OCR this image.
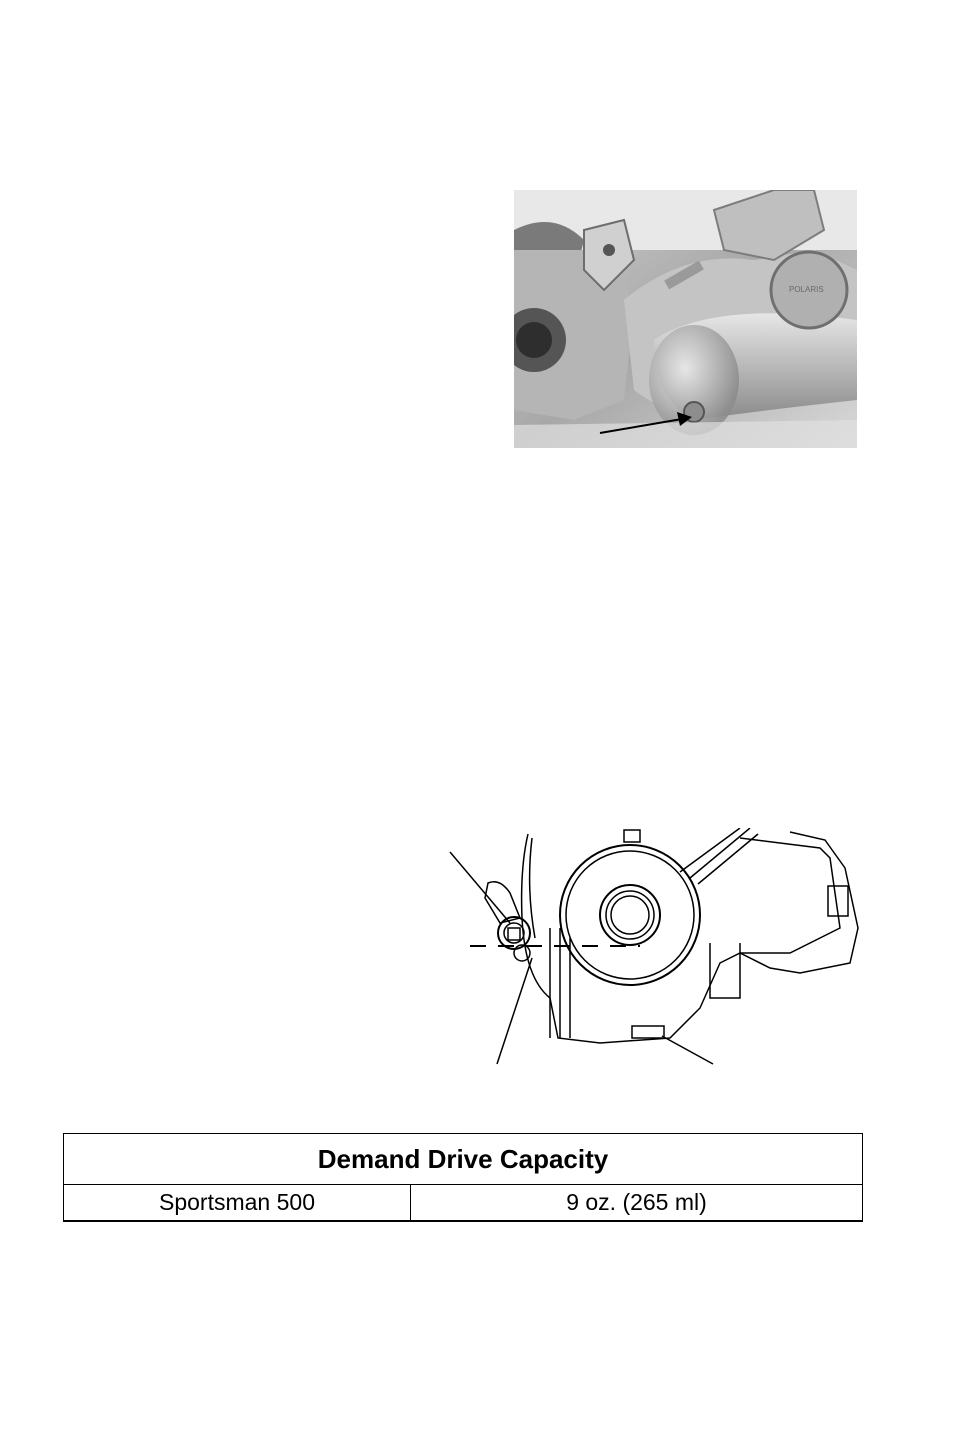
POLARIS
Demand Drive Capacity
Sportsman 500	9 oz. (265 ml)
